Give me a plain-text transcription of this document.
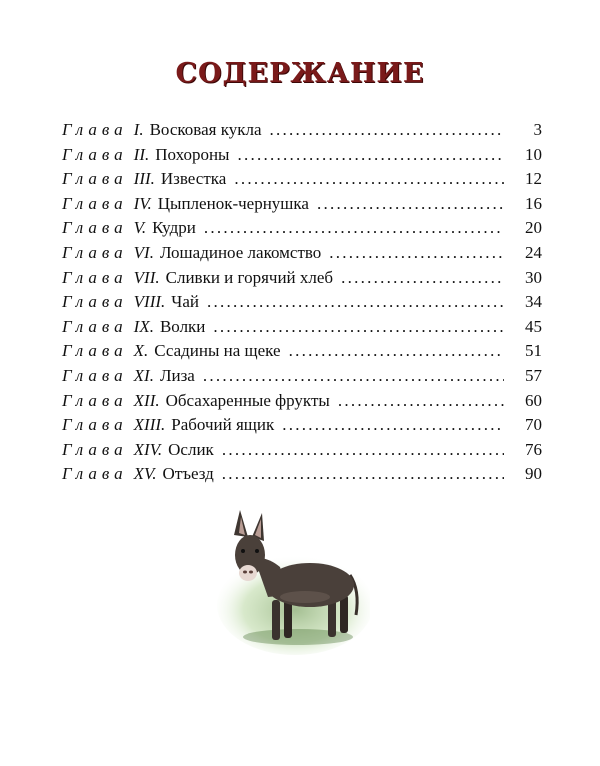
СОДЕРЖАНИЕ
Глава I. Восковая кукла . . .	3
Глава II. Похороны . . .	10
Глава III. Известка . . .	12
Глава IV. Цыпленок-чернушка . . .	16
Глава V. Кудри . . .	20
Глава VI. Лошадиное лакомство . . .	24
Глава VII. Сливки и горячий хлеб . . .	30
Глава VIII. Чай . . .	34
Глава IX. Волки . . .	45
Глава X. Ссадины на щеке . . .	51
Глава XI. Лиза . . .	57
Глава XII. Обсахаренные фрукты . . .	60
Глава XIII. Рабочий ящик . . .	70
Глава XIV. Ослик . . .	76
Глава XV. Отъезд . . .	90
